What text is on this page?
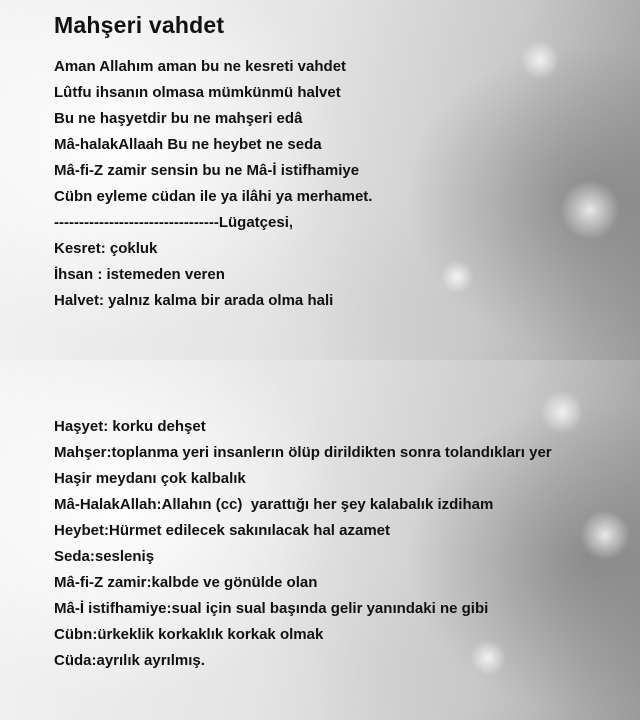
Mahşeri vahdet
Aman Allahım aman bu ne kesreti vahdet
Lûtfu ihsanın olmasa mümkünmü halvet
Bu ne haşyetdir bu ne mahşeri edâ
Mâ-halakAllaah Bu ne heybet ne seda
Mâ-fi-Z zamir sensin bu ne Mâ-İ istifhamiye
Cübn eyleme cüdan ile ya ilâhi ya merhamet.
---------------------------------Lügatçesi,
Kesret: çokluk
İhsan : istemeden veren
Halvet: yalnız kalma bir arada olma hali
Haşyet: korku dehşet
Mahşer:toplanma yeri insanlerın ölüp dirildikten sonra tolandıkları yer
Haşir meydanı çok kalbalık
Mâ-HalakAllah:Allahın (cc)  yarattığı her şey kalabalık izdiham
Heybet:Hürmet edilecek sakınılacak hal azamet
Seda:sesleniş
Mâ-fi-Z zamir:kalbde ve gönülde olan
Mâ-İ istifhamiye:sual için sual başında gelir yanındaki ne gibi
Cübn:ürkeklik korkaklık korkak olmak
Cüda:ayrılık ayrılmış.
